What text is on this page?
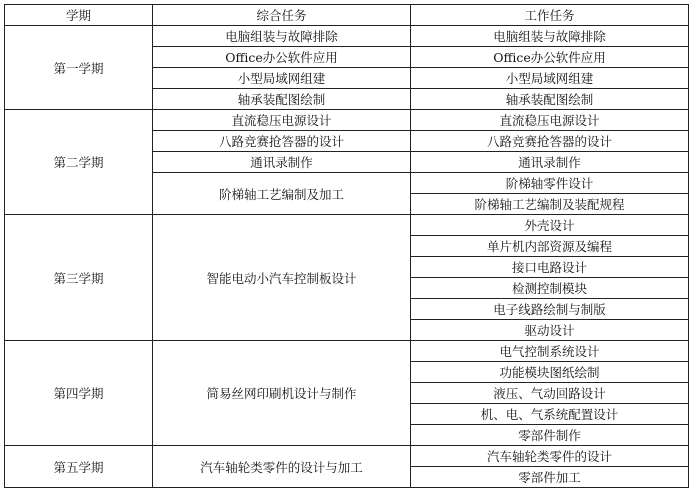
学期	综合任务	工作任务
第一学期	电脑组装与故障排除	电脑组装与故障排除
	Office办公软件应用	Office办公软件应用
	小型局域网组建	小型局域网组建
	轴承装配图绘制	轴承装配图绘制
第二学期	直流稳压电源设计	直流稳压电源设计
	八路竞赛抢答器的设计	八路竞赛抢答器的设计
	通讯录制作	通讯录制作
	阶梯轴工艺编制及加工	阶梯轴零件设计
		阶梯轴工艺编制及装配规程
第三学期	智能电动小汽车控制板设计	外壳设计
		单片机内部资源及编程
		接口电路设计
		检测控制模块
		电子线路绘制与制版
		驱动设计
第四学期	简易丝网印刷机设计与制作	电气控制系统设计
		功能模块图纸绘制
		液压、气动回路设计
		机、电、气系统配置设计
		零部件制作
第五学期	汽车轴轮类零件的设计与加工	汽车轴轮类零件的设计
		零部件加工
